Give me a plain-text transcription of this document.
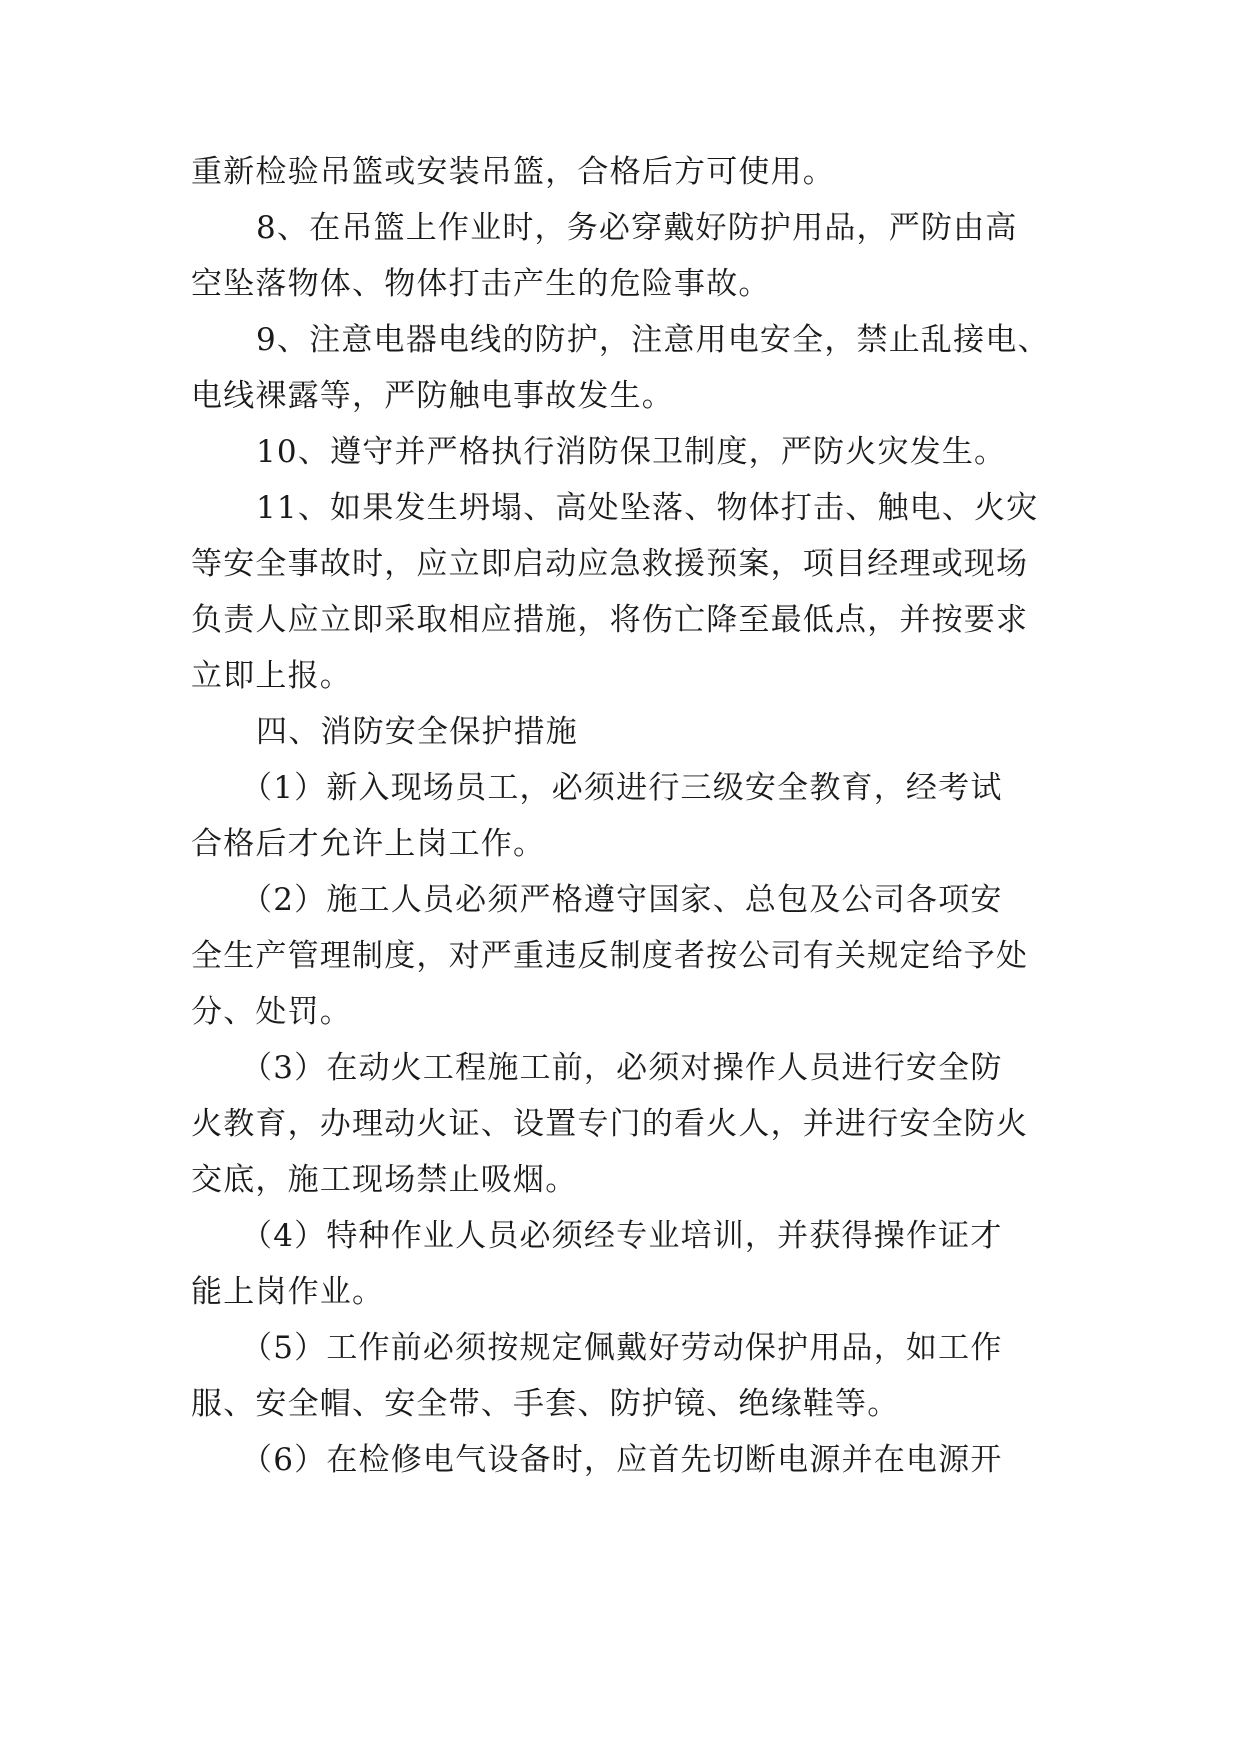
重新检验吊篮或安装吊篮，合格后方可使用。
8、在吊篮上作业时，务必穿戴好防护用品，严防由高
空坠落物体、物体打击产生的危险事故。
9、注意电器电线的防护，注意用电安全，禁止乱接电、
电线裸露等，严防触电事故发生。
10、遵守并严格执行消防保卫制度，严防火灾发生。
11、如果发生坍塌、高处坠落、物体打击、触电、火灾
等安全事故时，应立即启动应急救援预案，项目经理或现场
负责人应立即采取相应措施，将伤亡降至最低点，并按要求
立即上报。
四、消防安全保护措施
（1）新入现场员工，必须进行三级安全教育，经考试
合格后才允许上岗工作。
（2）施工人员必须严格遵守国家、总包及公司各项安
全生产管理制度，对严重违反制度者按公司有关规定给予处
分、处罚。
（3）在动火工程施工前，必须对操作人员进行安全防
火教育，办理动火证、设置专门的看火人，并进行安全防火
交底，施工现场禁止吸烟。
（4）特种作业人员必须经专业培训，并获得操作证才
能上岗作业。
（5）工作前必须按规定佩戴好劳动保护用品，如工作
服、安全帽、安全带、手套、防护镜、绝缘鞋等。
（6）在检修电气设备时，应首先切断电源并在电源开
